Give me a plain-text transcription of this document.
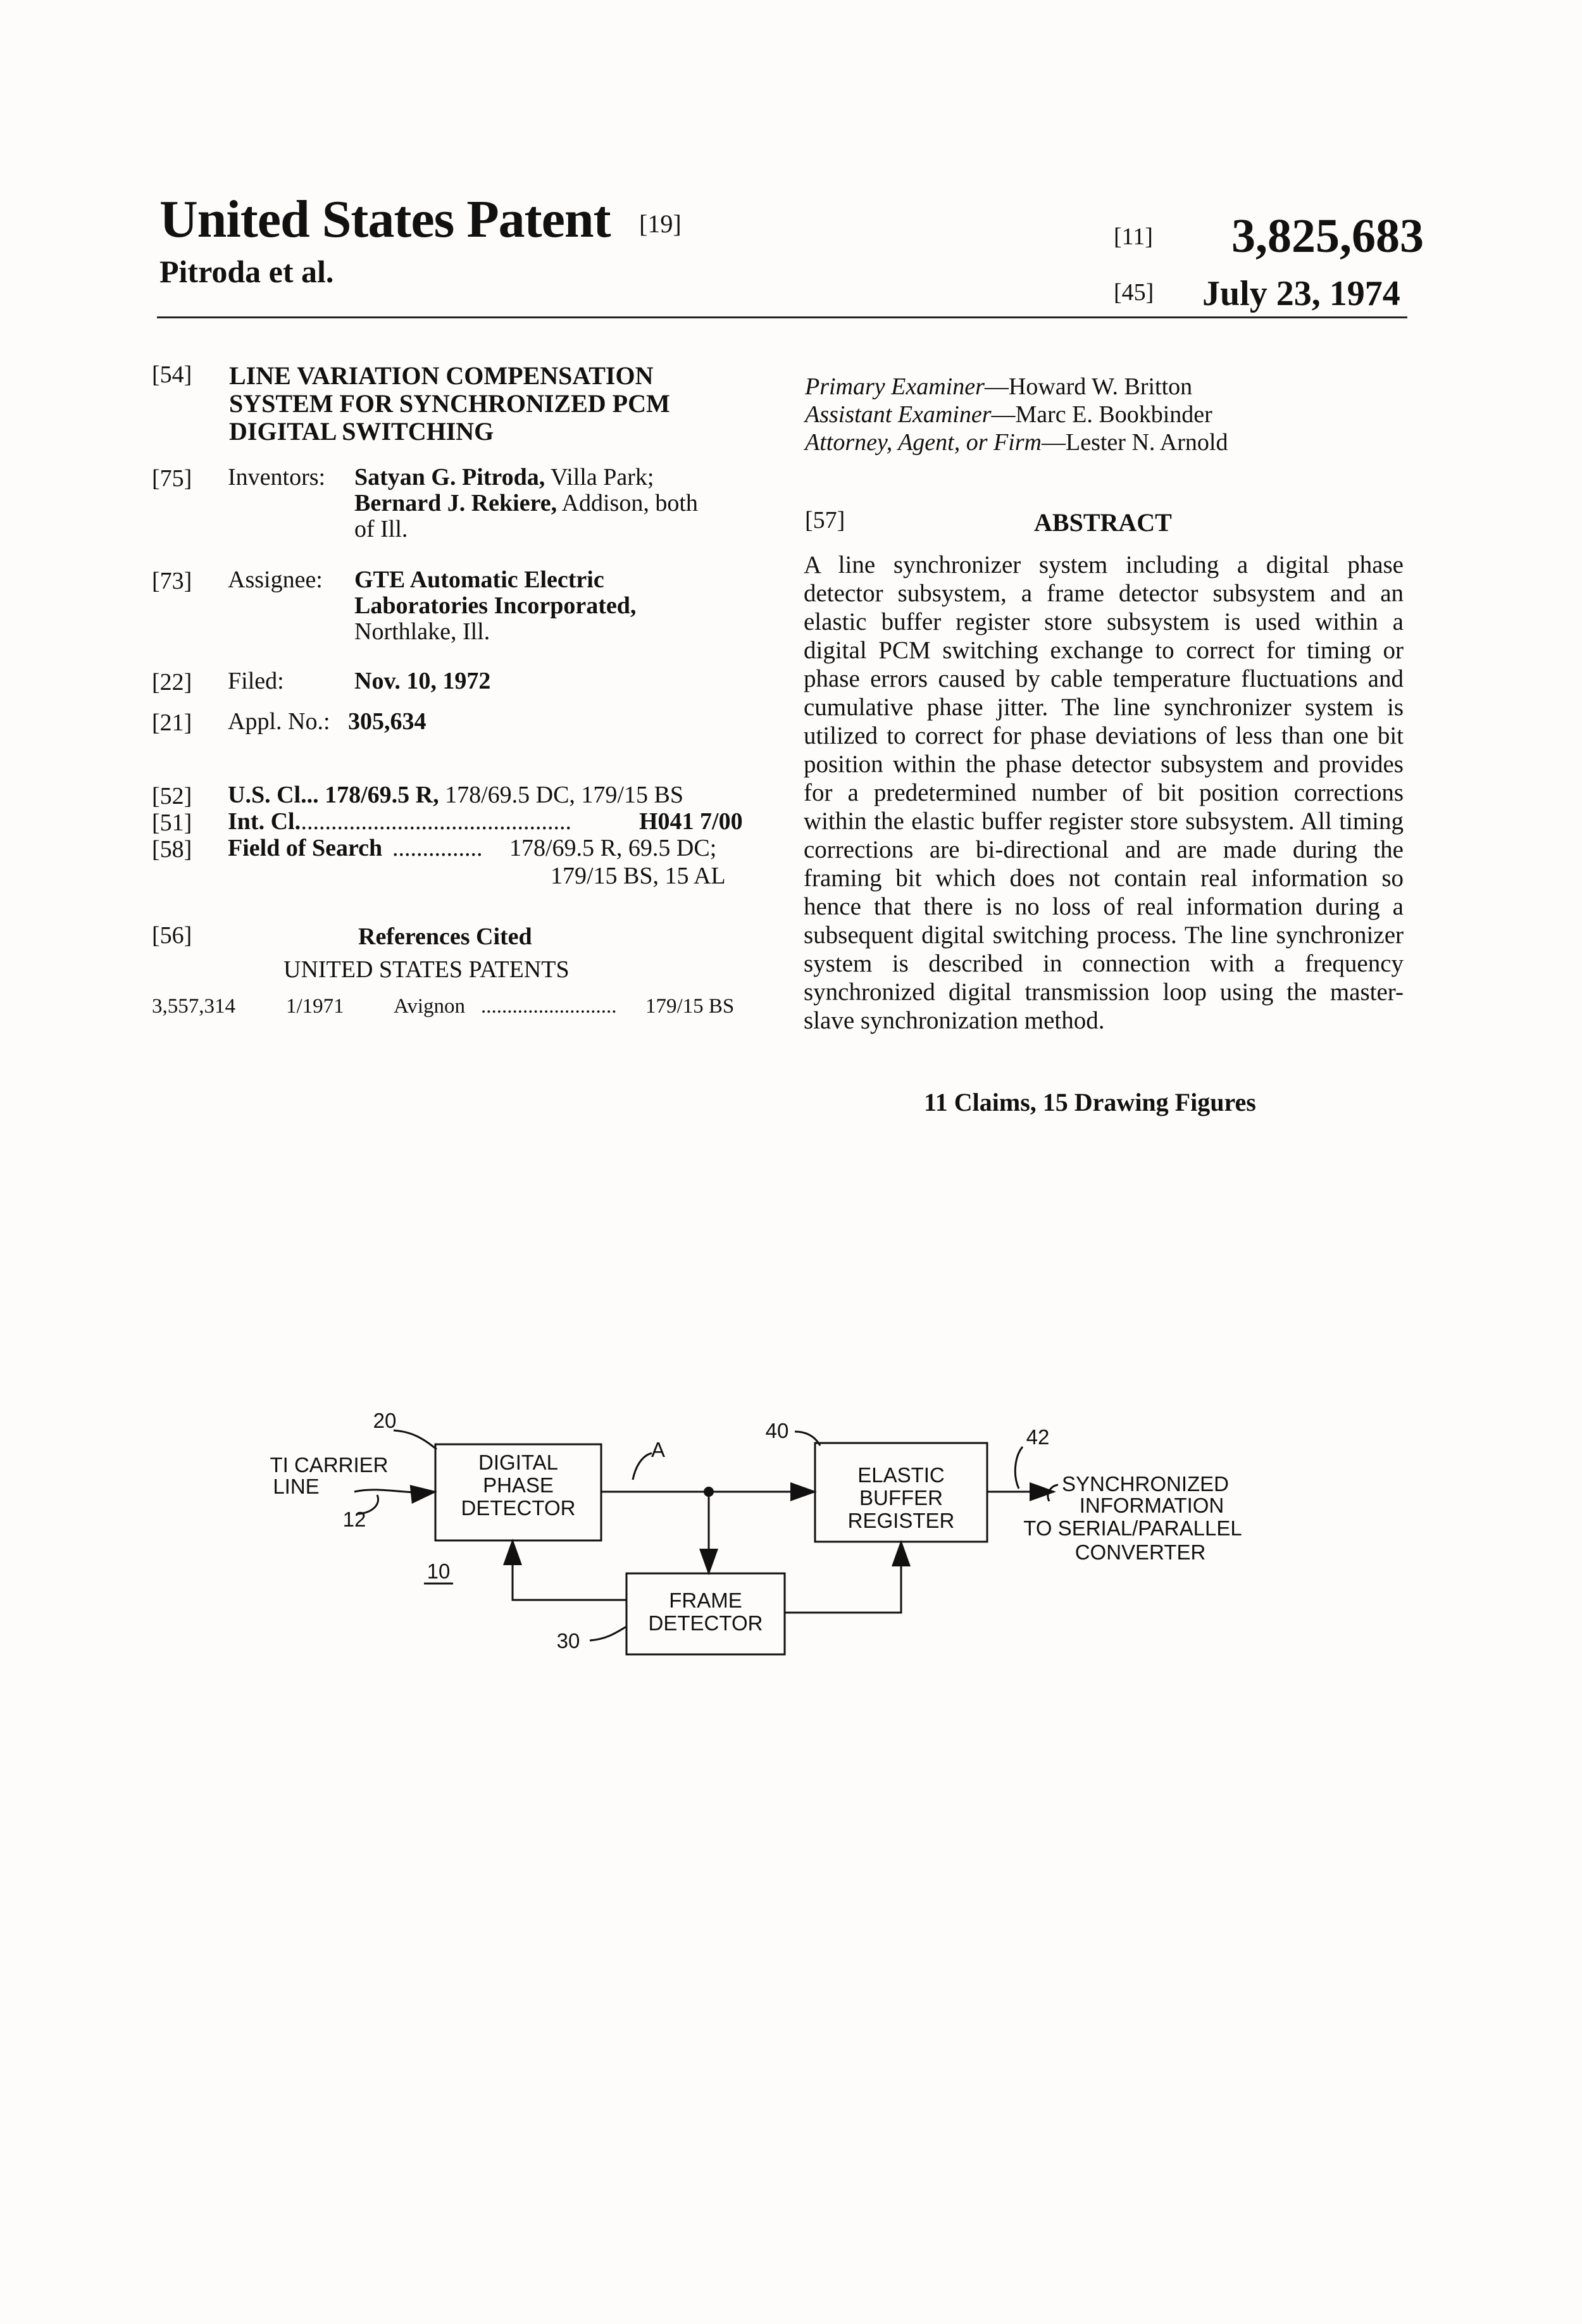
United States Patent [19]
Pitroda et al.
[11] 3,825,683
[45] July 23, 1974
[54] LINE VARIATION COMPENSATION
SYSTEM FOR SYNCHRONIZED PCM
DIGITAL SWITCHING
[75] Inventors: Satyan G. Pitroda, Villa Park;
Bernard J. Rekiere, Addison, both
of Ill.
[73] Assignee: GTE Automatic Electric
Laboratories Incorporated,
Northlake, Ill.
[22] Filed:	Nov. 10, 1972
[21] Appl. No.: 305,634
[52] U.S. Cl... 178/69.5 R, 178/69.5 DC, 179/15 BS
[51] Int. Cl.
..............................................	H041 7/00
[58] Field of Search ...............	178/69.5 R, 69.5 DC;
179/15 BS, 15 AL
[56]	References Cited
UNITED STATES PATENTS
3,557,314 1/1971 Avignon ..........................	179/15 BS
Primary Examiner—Howard W. Britton
Assistant Examiner—Marc E. Bookbinder
Attorney, Agent, or Firm—Lester N. Arnold
[57]	ABSTRACT
A line synchronizer system including a digital phase detector subsystem, a frame detector subsystem and an elastic buffer register store subsystem is used within a digital PCM switching exchange to correct for timing or phase errors caused by cable temperature fluctuations and cumulative phase jitter. The line synchronizer system is utilized to correct for phase deviations of less than one bit position within the phase detector subsystem and provides for a predetermined number of bit position corrections within the elastic buffer register store subsystem. All timing corrections are bi-directional and are made during the framing bit which does not contain real information so hence that there is no loss of real information during a subsequent digital switching process. The line synchronizer system is described in connection with a frequency synchronized digital transmission loop using the master-slave synchronization method.
11 Claims, 15 Drawing Figures
20
TI CARRIER
LINE
12
DIGITAL
PHASE
DETECTOR
A
40
ELASTIC
BUFFER
REGISTER
42
SYNCHRONIZED
INFORMATION
TO SERIAL/PARALLEL
CONVERTER
10
FRAME
DETECTOR
30
